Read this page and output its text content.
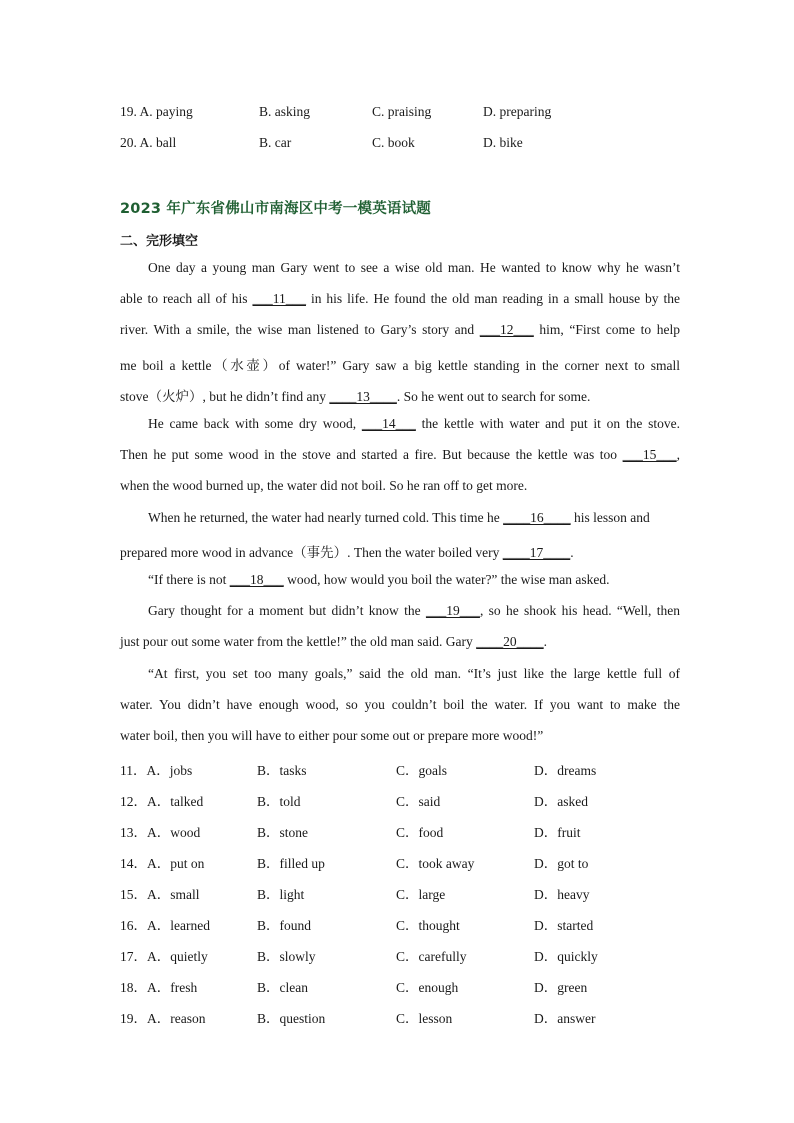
19. A. paying	B. asking	C. praising	D. preparing
20. A. ball	B. car	C. book	D. bike
2023 年广东省佛山市南海区中考一模英语试题
二、完形填空
One day a young man Gary went to see a wise old man. He wanted to know why he wasn’t
able to reach all of his ___11___ in his life. He found the old man reading in a small house by the
river. With a smile, the wise man listened to Gary’s story and ___12___ him, “First come to help
me boil a kettle（水壶）of water!” Gary saw a big kettle standing in the corner next to small
stove（火炉）, but he didn’t find any ____13____. So he went out to search for some.
He came back with some dry wood, ___14___ the kettle with water and put it on the stove.
Then he put some wood in the stove and started a fire. But because the kettle was too ___15___,
when the wood burned up, the water did not boil. So he ran off to get more.
When he returned, the water had nearly turned cold. This time he ____16____ his lesson and
prepared more wood in advance（事先）. Then the water boiled very ____17____.
“If there is not ___18___ wood, how would you boil the water?” the wise man asked.
Gary thought for a moment but didn’t know the ___19___, so he shook his head. “Well, then
just pour out some water from the kettle!” the old man said. Gary ____20____.
“At first, you set too many goals,” said the old man. “It’s just like the large kettle full of
water. You didn’t have enough wood, so you couldn’t boil the water. If you want to make the
water boil, then you will have to either pour some out or prepare more wood!”
11．A．jobs	B．tasks	C．goals	D．dreams
12．A．talked	B．told	C．said	D．asked
13．A．wood	B．stone	C．food	D．fruit
14．A．put on	B．filled up	C．took away	D．got to
15．A．small	B．light	C．large	D．heavy
16．A．learned	B．found	C．thought	D．started
17．A．quietly	B．slowly	C．carefully	D．quickly
18．A．fresh	B．clean	C．enough	D．green
19．A．reason	B．question	C．lesson	D．answer
